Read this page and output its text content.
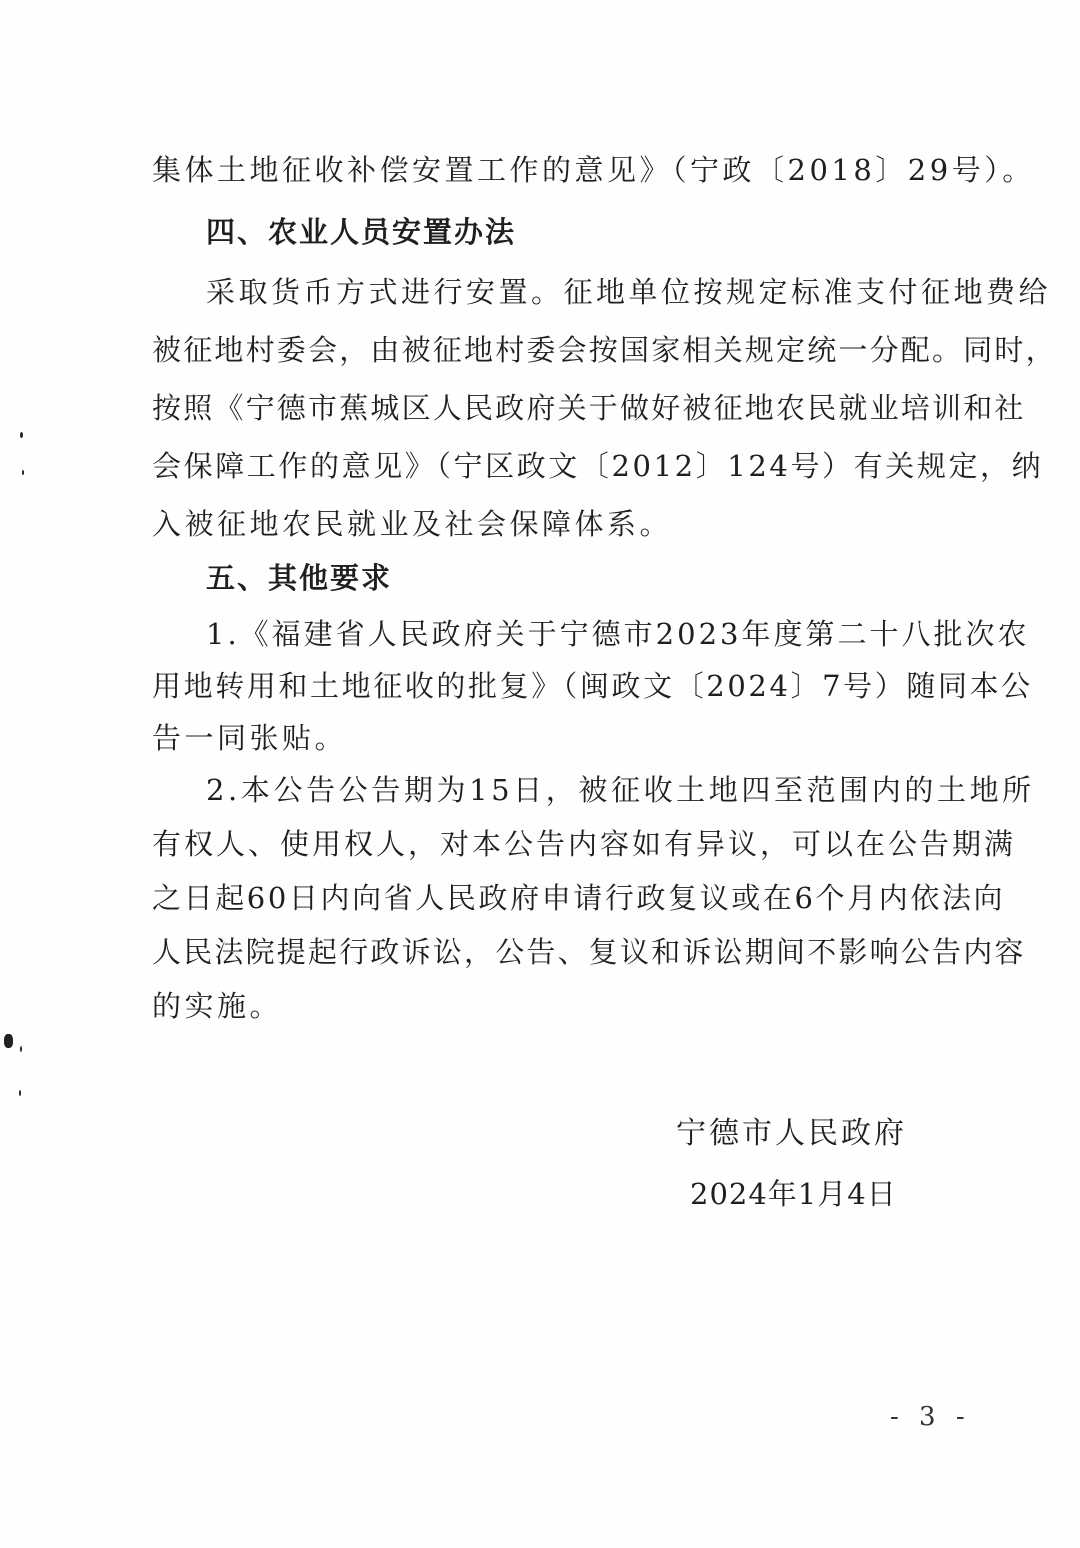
集体土地征收补偿安置工作的意见》（宁政〔2018〕29号）。
四、农业人员安置办法
采取货币方式进行安置。征地单位按规定标准支付征地费给
被征地村委会，由被征地村委会按国家相关规定统一分配。同时，
按照《宁德市蕉城区人民政府关于做好被征地农民就业培训和社
会保障工作的意见》（宁区政文〔2012〕124号）有关规定，纳
入被征地农民就业及社会保障体系。
五、其他要求
1.《福建省人民政府关于宁德市2023年度第二十八批次农
用地转用和土地征收的批复》（闽政文〔2024〕7号）随同本公
告一同张贴。
2.本公告公告期为15日，被征收土地四至范围内的土地所
有权人、使用权人，对本公告内容如有异议，可以在公告期满
之日起60日内向省人民政府申请行政复议或在6个月内依法向
人民法院提起行政诉讼，公告、复议和诉讼期间不影响公告内容
的实施。
宁德市人民政府
2024年1月4日
- 3 -
